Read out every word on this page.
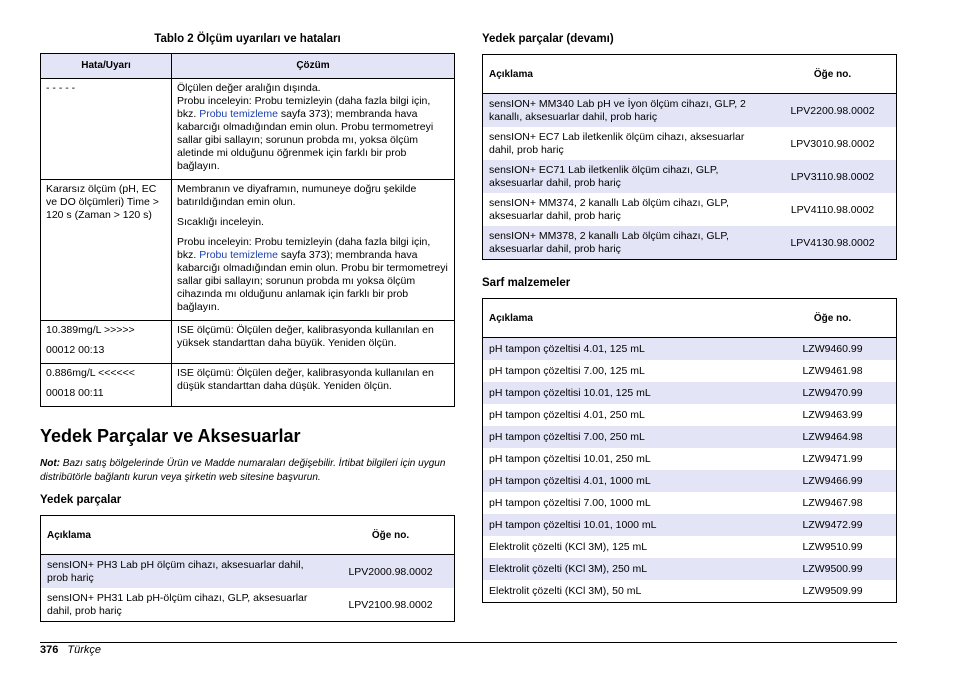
Tablo 2 Ölçüm uyarıları ve hataları
Hata/Uyarı	Çözüm
- - - - -	Ölçülen değer aralığın dışında.
Probu inceleyin: Probu temizleyin (daha fazla bilgi için, bkz. Probu temizleme sayfa 373); membranda hava kabarcığı olmadığından emin olun. Probu termometreyi sallar gibi sallayın; sorunun probda mı, yoksa ölçüm aletinde mi olduğunu öğrenmek için farklı bir prob bağlayın.
Kararsız ölçüm (pH, EC ve DO ölçümleri) Time > 120 s (Zaman > 120 s)	Membranın ve diyaframın, numuneye doğru şekilde batırıldığından emin olun.

Sıcaklığı inceleyin.

Probu inceleyin: Probu temizleyin (daha fazla bilgi için, bkz. Probu temizleme sayfa 373); membranda hava kabarcığı olmadığından emin olun. Probu bir termometreyi sallar gibi sallayın; sorunun probda mı yoksa ölçüm cihazında mı olduğunu anlamak için farklı bir prob bağlayın.

10.389mg/L >>>>>

00012 00:13	ISE ölçümü: Ölçülen değer, kalibrasyonda kullanılan en yüksek standarttan daha büyük. Yeniden ölçün.

0.886mg/L <<<<<<

00018 00:11	ISE ölçümü: Ölçülen değer, kalibrasyonda kullanılan en düşük standarttan daha düşük. Yeniden ölçün.
Yedek Parçalar ve Aksesuarlar

Not: Bazı satış bölgelerinde Ürün ve Madde numaraları değişebilir. İrtibat bilgileri için uygun distribütörle bağlantı kurun veya şirketin web sitesine başvurun.

Yedek parçalar
Açıklama	Öğe no.
sensION+ PH3 Lab pH ölçüm cihazı, aksesuarlar dahil, prob hariç	LPV2000.98.0002
sensION+ PH31 Lab pH-ölçüm cihazı, GLP, aksesuarlar dahil, prob hariç	LPV2100.98.0002
Yedek parçalar (devamı)
Açıklama	Öğe no.
sensION+ MM340 Lab pH ve İyon ölçüm cihazı, GLP, 2 kanallı, aksesuarlar dahil, prob hariç	LPV2200.98.0002
sensION+ EC7 Lab iletkenlik ölçüm cihazı, aksesuarlar dahil, prob hariç	LPV3010.98.0002
sensION+ EC71 Lab iletkenlik ölçüm cihazı, GLP, aksesuarlar dahil, prob hariç	LPV3110.98.0002
sensION+ MM374, 2 kanallı Lab ölçüm cihazı, GLP, aksesuarlar dahil, prob hariç	LPV4110.98.0002
sensION+ MM378, 2 kanallı Lab ölçüm cihazı, GLP, aksesuarlar dahil, prob hariç	LPV4130.98.0002
Sarf malzemeler
Açıklama	Öğe no.
pH tampon çözeltisi 4.01, 125 mL	LZW9460.99
pH tampon çözeltisi 7.00, 125 mL	LZW9461.98
pH tampon çözeltisi 10.01, 125 mL	LZW9470.99
pH tampon çözeltisi 4.01, 250 mL	LZW9463.99
pH tampon çözeltisi 7.00, 250 mL	LZW9464.98
pH tampon çözeltisi 10.01, 250 mL	LZW9471.99
pH tampon çözeltisi 4.01, 1000 mL	LZW9466.99
pH tampon çözeltisi 7.00, 1000 mL	LZW9467.98
pH tampon çözeltisi 10.01, 1000 mL	LZW9472.99
Elektrolit çözelti (KCl 3M), 125 mL	LZW9510.99
Elektrolit çözelti (KCl 3M), 250 mL	LZW9500.99
Elektrolit çözelti (KCl 3M), 50 mL	LZW9509.99
376 Türkçe
